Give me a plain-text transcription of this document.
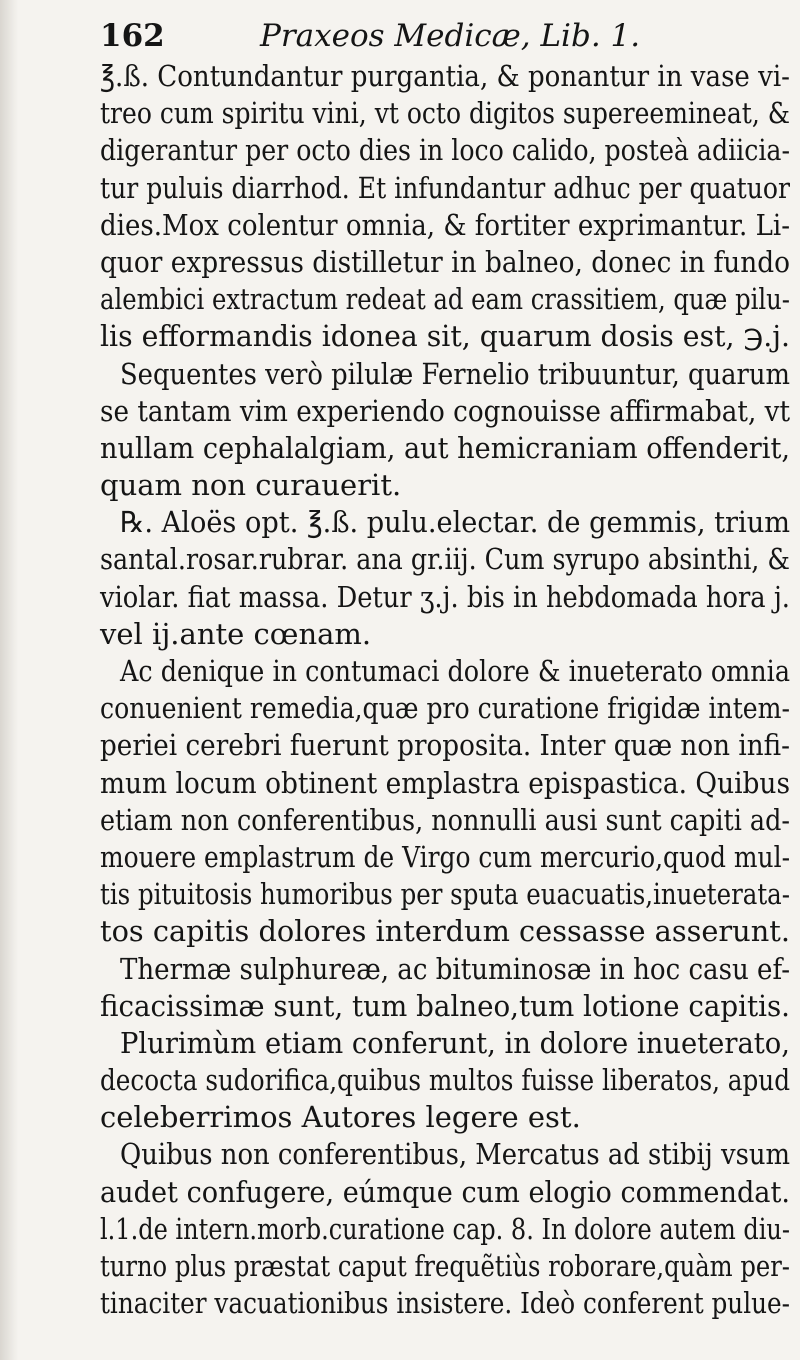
162	Praxeos Medicæ, Lib. 1.
℥.ß. Contundantur purgantia, & ponantur in vase vi-
treo cum spiritu vini, vt octo digitos supereemineat, &
digerantur per octo dies in loco calido, posteà adiicia-
tur puluis diarrhod. Et infundantur adhuc per quatuor
dies.Mox colentur omnia, & fortiter exprimantur. Li-
quor expressus distilletur in balneo, donec in fundo
alembici extractum redeat ad eam crassitiem, quæ pilu-
lis efformandis idonea sit, quarum dosis est, ℈.j.
Sequentes verò pilulæ Fernelio tribuuntur, quarum
se tantam vim experiendo cognouisse affirmabat, vt
nullam cephalalgiam, aut hemicraniam offenderit,
quam non curauerit.
℞. Aloës opt. ℥.ß. pulu.electar. de gemmis, trium
santal.rosar.rubrar. ana gr.iij. Cum syrupo absinthi, &
violar. fiat massa. Detur ʒ.j. bis in hebdomada hora j.
vel ij.ante cœnam.
Ac denique in contumaci dolore & inueterato omnia
conuenient remedia,quæ pro curatione frigidæ intem-
periei cerebri fuerunt proposita. Inter quæ non infi-
mum locum obtinent emplastra epispastica. Quibus
etiam non conferentibus, nonnulli ausi sunt capiti ad-
mouere emplastrum de Virgo cum mercurio,quod mul-
tis pituitosis humoribus per sputa euacuatis,inueterata-
tos capitis dolores interdum cessasse asserunt.
Thermæ sulphureæ, ac bituminosæ in hoc casu ef-
ficacissimæ sunt, tum balneo,tum lotione capitis.
Plurimùm etiam conferunt, in dolore inueterato,
decocta sudorifica,quibus multos fuisse liberatos, apud
celeberrimos Autores legere est.
Quibus non conferentibus, Mercatus ad stibij vsum
audet confugere, eúmque cum elogio commendat.
l.1.de intern.morb.curatione cap. 8. In dolore autem diu-
turno plus præstat caput frequẽtiùs roborare,quàm per-
tinaciter vacuationibus insistere. Ideò conferent pulue-
